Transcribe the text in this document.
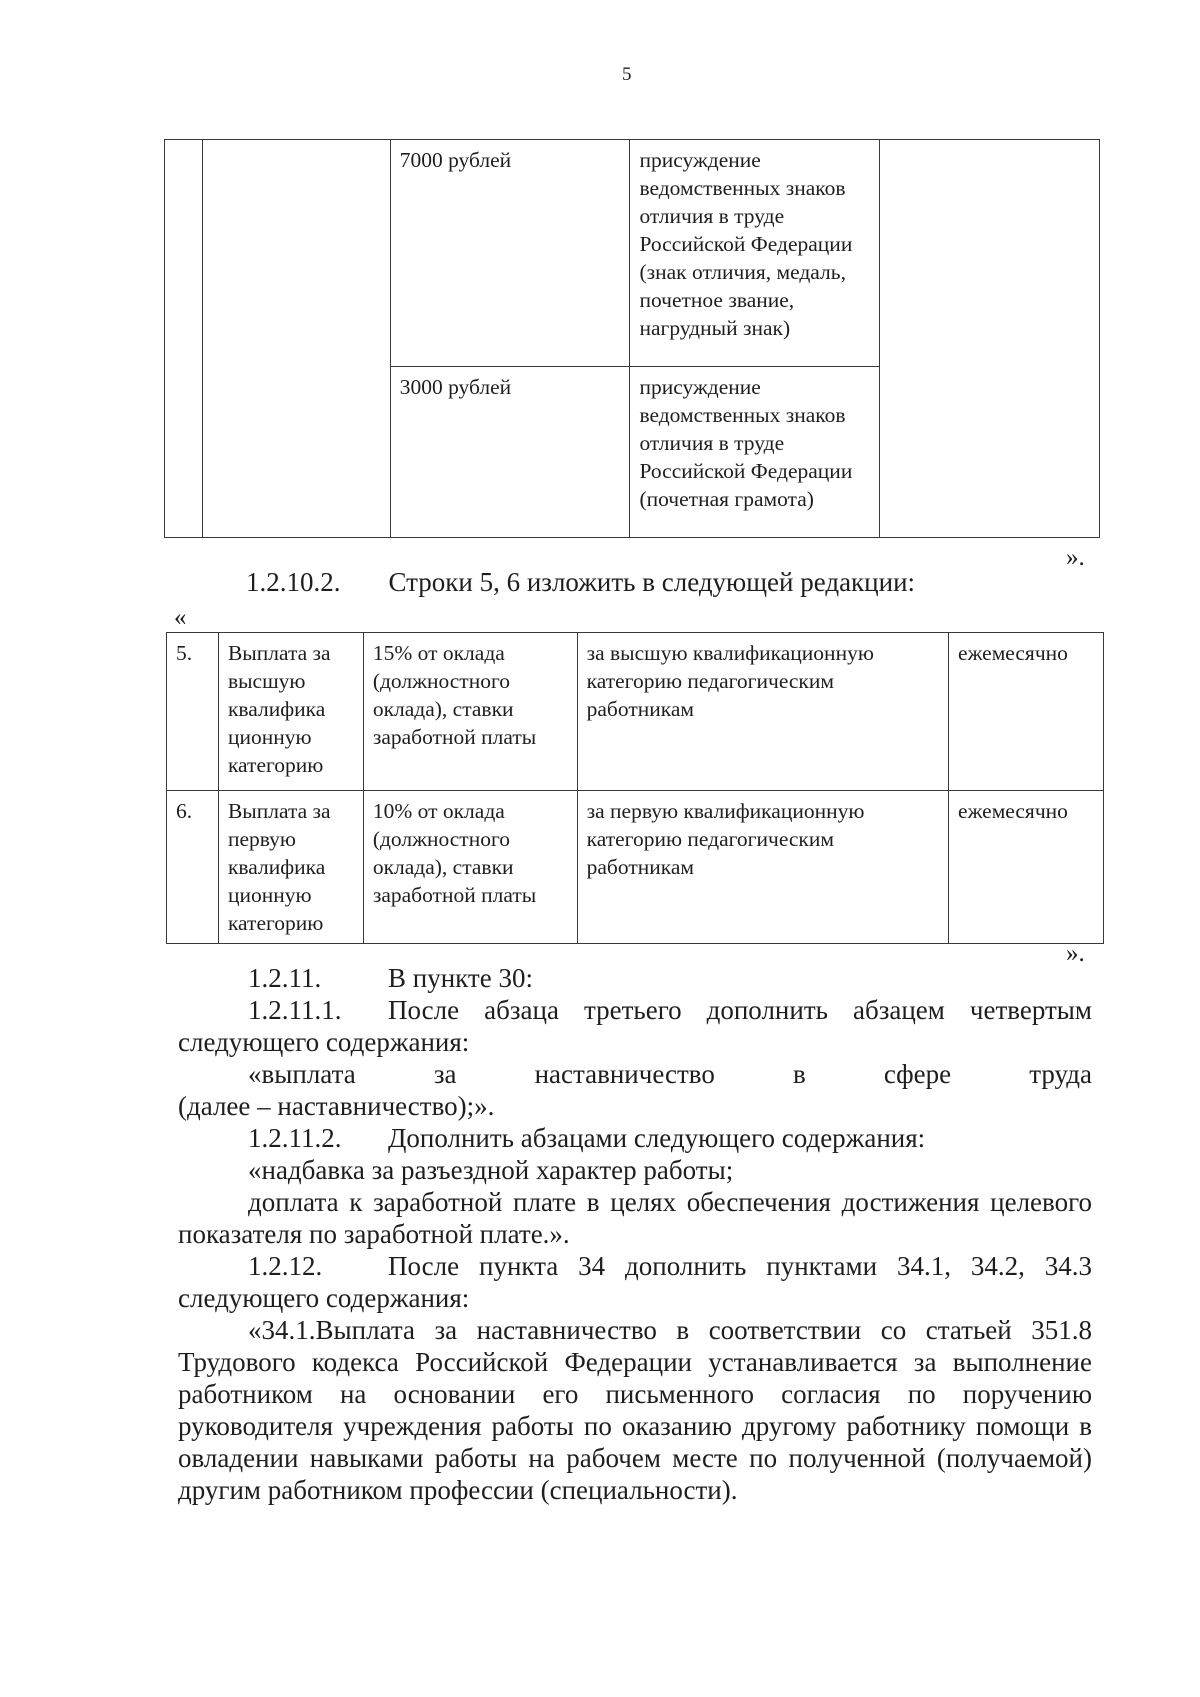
5
		7000 рублей	присуждение ведомственных знаков отличия в труде Российской Федерации (знак отличия, медаль, почетное звание, нагрудный знак)	
		3000 рублей	присуждение ведомственных знаков отличия в труде Российской Федерации (почетная грамота)	
».
1.2.10.2. Строки 5, 6 изложить в следующей редакции:
«
5.	Выплата за высшую квалифика ционную категорию	15% от оклада (должностного оклада), ставки заработной платы	за высшую квалификационную категорию педагогическим работникам	ежемесячно
6.	Выплата за первую квалифика ционную категорию	10% от оклада (должностного оклада), ставки заработной платы	за первую квалификационную категорию педагогическим работникам	ежемесячно
».

1.2.11. В пункте 30:

1.2.11.1. После абзаца третьего дополнить абзацем четвертым следующего содержания:

«выплата за наставничество в сфере труда

(далее – наставничество);».

1.2.11.2. Дополнить абзацами следующего содержания:

«надбавка за разъездной характер работы;

доплата к заработной плате в целях обеспечения достижения целевого показателя по заработной плате.».

1.2.12. После пункта 34 дополнить пунктами 34.1, 34.2, 34.3 следующего содержания:

«34.1.Выплата за наставничество в соответствии со статьей 351.8 Трудового кодекса Российской Федерации устанавливается за выполнение работником на основании его письменного согласия по поручению руководителя учреждения работы по оказанию другому работнику помощи в овладении навыками работы на рабочем месте по полученной (получаемой) другим работником профессии (специальности).
